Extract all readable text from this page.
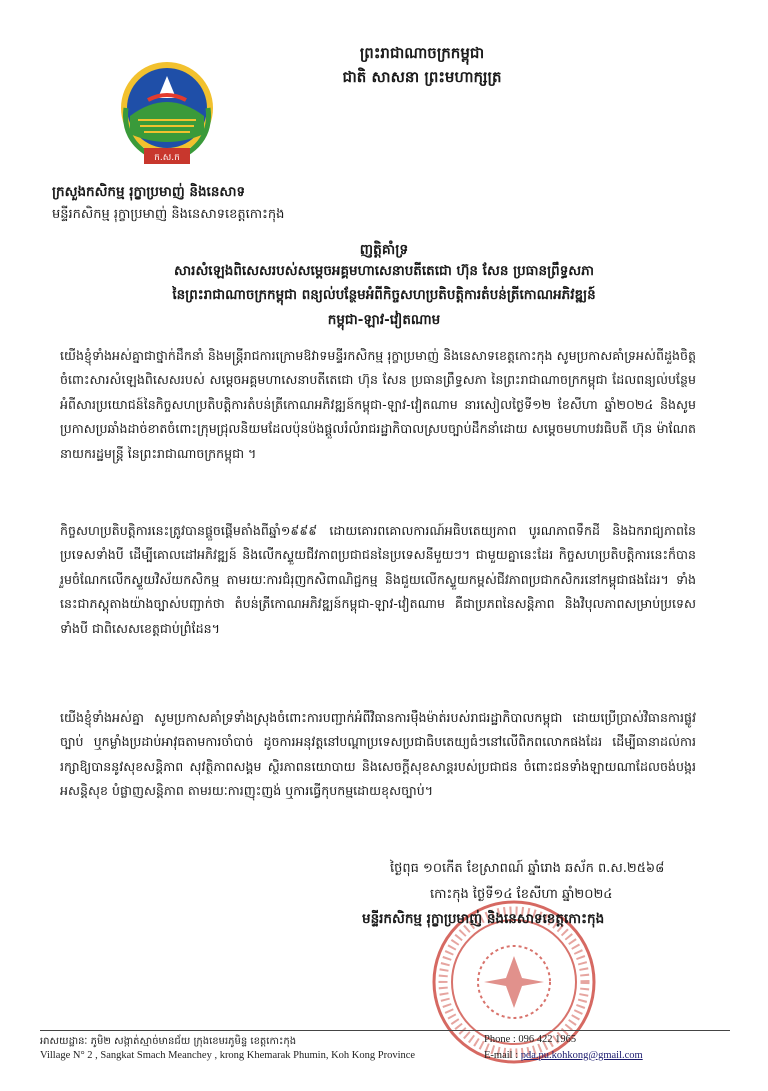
ព្រះរាជាណាចក្រកម្ពុជា
ជាតិ សាសនា ព្រះមហាក្សត្រ
ក.ស.ក
ក្រសួងកសិកម្ម រុក្ខាប្រមាញ់ និងនេសាទ
មន្ទីរកសិកម្ម រុក្ខាប្រមាញ់ និងនេសាទខេត្តកោះកុង
ញត្តិគាំទ្រ
សារសំឡេងពិសេសរបស់សម្តេចអគ្គមហាសេនាបតីតេជោ ហ៊ុន សែន ប្រធានព្រឹទ្ធសភា
នៃព្រះរាជាណាចក្រកម្ពុជា ពន្យល់បន្ថែមអំពីកិច្ចសហប្រតិបត្តិការតំបន់ត្រីកោណអភិវឌ្ឍន៍
កម្ពុជា-ឡាវ-វៀតណាម
យើងខ្ញុំទាំងអស់គ្នាជាថ្នាក់ដឹកនាំ និងមន្ត្រីរាជការក្រោមឱវាទមន្ទីរកសិកម្ម រុក្ខាប្រមាញ់ និងនេសាទខេត្តកោះកុង សូមប្រកាសគាំទ្រអស់ពីដួងចិត្តចំពោះសារសំឡេងពិសេសរបស់ សម្តេចអគ្គមហាសេនាបតីតេជោ ហ៊ុន សែន ប្រធានព្រឹទ្ធសភា នៃព្រះរាជាណាចក្រកម្ពុជា ដែលពន្យល់បន្ថែមអំពីសារប្រយោជន៍នៃកិច្ចសហប្រតិបត្តិការតំបន់ត្រីកោណអភិវឌ្ឍន៍កម្ពុជា-ឡាវ-វៀតណាម នារសៀលថ្ងៃទី១២ ខែសីហា ឆ្នាំ២០២៤ និងសូមប្រកាសប្រឆាំងដាច់ខាតចំពោះក្រុមជ្រុលនិយមដែលប៉ុនប៉ងផ្តួលរំលំរាជរដ្ឋាភិបាលស្របច្បាប់ដឹកនាំដោយ សម្តេចមហាបវរធិបតី ហ៊ុន ម៉ាណែត នាយករដ្ឋមន្ត្រី នៃព្រះរាជាណាចក្រកម្ពុជា ។
កិច្ចសហប្រតិបត្តិការនេះត្រូវបានផ្តួចផ្តើមតាំងពីឆ្នាំ១៩៩៩ ដោយគោរពគោលការណ៍អធិបតេយ្យភាព បូរណភាពទឹកដី និងឯករាជ្យភាពនៃប្រទេសទាំងបី ដើម្បីគោលដៅអភិវឌ្ឍន៍ និងលើកស្ទួយជីវភាពប្រជាជននៃប្រទេសនីមួយៗ។ ជាមួយគ្នានេះដែរ កិច្ចសហប្រតិបត្តិការនេះក៏បានរួមចំណែកលើកស្ទួយវិស័យកសិកម្ម តាមរយៈការជំរុញកសិពាណិជ្ជកម្ម និងជួយលើកស្ទួយកម្ពស់ជីវភាពប្រជាកសិករនៅកម្ពុជាផងដែរ។ ទាំងនេះជាភស្តុតាងយ៉ាងច្បាស់បញ្ជាក់ថា តំបន់ត្រីកោណអភិវឌ្ឍន៍កម្ពុជា-ឡាវ-វៀតណាម គឺជាប្រភពនៃសន្តិភាព និងវិបុលភាពសម្រាប់ប្រទេសទាំងបី ជាពិសេសខេត្តជាប់ព្រំដែន។
យើងខ្ញុំទាំងអស់គ្នា សូមប្រកាសគាំទ្រទាំងស្រុងចំពោះការបញ្ជាក់អំពីវិធានការម៉ឺងម៉ាត់របស់រាជរដ្ឋាភិបាលកម្ពុជា ដោយប្រើប្រាស់វិធានការផ្លូវច្បាប់ ឬកម្លាំងប្រដាប់អាវុធតាមការចាំបាច់ ដូចការអនុវត្តនៅបណ្តាប្រទេសប្រជាធិបតេយ្យធំៗនៅលើពិភពលោកផងដែរ ដើម្បីធានាដល់ការរក្សាឱ្យបាននូវសុខសន្តិភាព សុវត្ថិភាពសង្គម ស្ថិរភាពនយោបាយ និងសេចក្តីសុខសាន្តរបស់ប្រជាជន ចំពោះជនទាំងឡាយណាដែលចង់បង្ករអសន្តិសុខ បំផ្លាញសន្តិភាព តាមរយៈការញុះញង់ ឬការធ្វើកុបកម្មដោយខុសច្បាប់។
ថ្ងៃពុធ ១០កើត ខែស្រាពណ៍ ឆ្នាំរោង ឆស័ក ព.ស.២៥៦៨
កោះកុង ថ្ងៃទី១៤ ខែសីហា ឆ្នាំ២០២៤
មន្ទីរកសិកម្ម រុក្ខាប្រមាញ់ និងនេសាទខេត្តកោះកុង
អាសយដ្ឋានៈ ភូមិ២ សង្កាត់ស្មាច់មានជ័យ ក្រុងខេមរភូមិន្ទ ខេត្តកោះកុង
Village N° 2 , Sangkat Smach Meanchey , krong Khemarak Phumin, Koh Kong Province
Phone : 096 422 1965
E-mail : pda.pu.kohkong@gmail.com
